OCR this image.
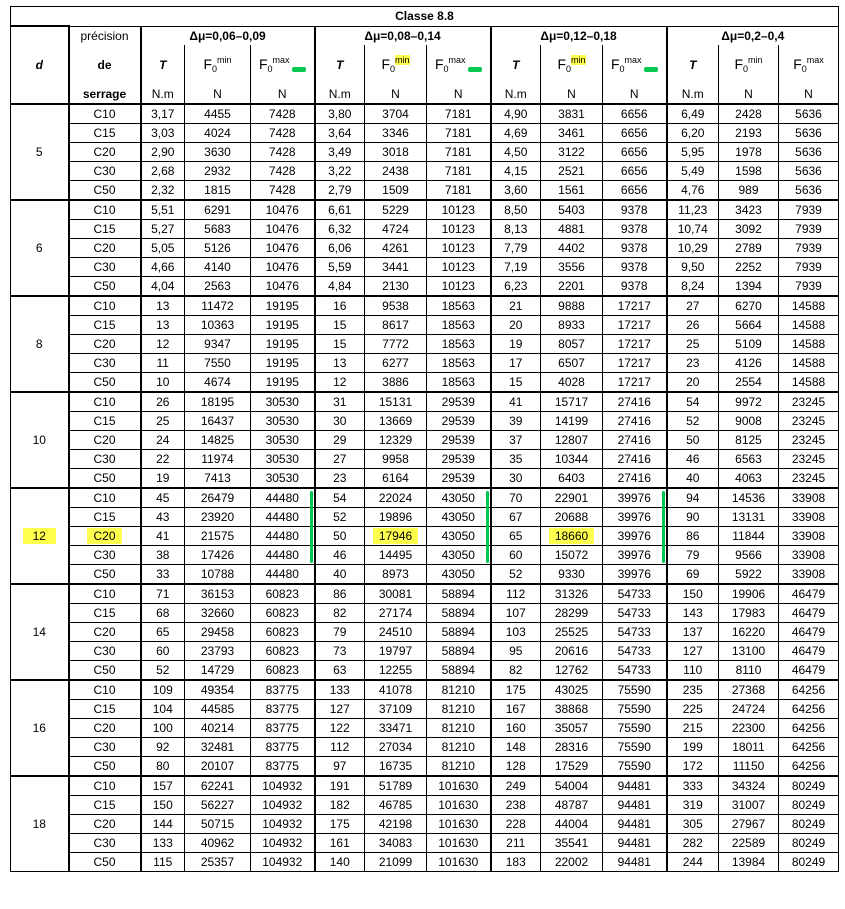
Classe 8.8													
d	précision	Δμ=0,06–0,09			Δμ=0,08–0,14			Δμ=0,12–0,18			Δμ=0,2–0,4		
	de	T	$F_0^{min}$	$F_0^{max}$	T	$F_0^{min}$	$F_0^{max}$	T	$F_0^{min}$	$F_0^{max}$	T	$F_0^{min}$	$F_0^{max}$
	serrage	N.m	N	N	N.m	N	N	N.m	N	N	N.m	N	N
5	C10	3,17	4455	7428	3,80	3704	7181	4,90	3831	6656	6,49	2428	5636
	C15	3,03	4024	7428	3,64	3346	7181	4,69	3461	6656	6,20	2193	5636
	C20	2,90	3630	7428	3,49	3018	7181	4,50	3122	6656	5,95	1978	5636
	C30	2,68	2932	7428	3,22	2438	7181	4,15	2521	6656	5,49	1598	5636
	C50	2,32	1815	7428	2,79	1509	7181	3,60	1561	6656	4,76	989	5636
6	C10	5,51	6291	10476	6,61	5229	10123	8,50	5403	9378	11,23	3423	7939
	C15	5,27	5683	10476	6,32	4724	10123	8,13	4881	9378	10,74	3092	7939
	C20	5,05	5126	10476	6,06	4261	10123	7,79	4402	9378	10,29	2789	7939
	C30	4,66	4140	10476	5,59	3441	10123	7,19	3556	9378	9,50	2252	7939
	C50	4,04	2563	10476	4,84	2130	10123	6,23	2201	9378	8,24	1394	7939
8	C10	13	11472	19195	16	9538	18563	21	9888	17217	27	6270	14588
	C15	13	10363	19195	15	8617	18563	20	8933	17217	26	5664	14588
	C20	12	9347	19195	15	7772	18563	19	8057	17217	25	5109	14588
	C30	11	7550	19195	13	6277	18563	17	6507	17217	23	4126	14588
	C50	10	4674	19195	12	3886	18563	15	4028	17217	20	2554	14588
10	C10	26	18195	30530	31	15131	29539	41	15717	27416	54	9972	23245
	C15	25	16437	30530	30	13669	29539	39	14199	27416	52	9008	23245
	C20	24	14825	30530	29	12329	29539	37	12807	27416	50	8125	23245
	C30	22	11974	30530	27	9958	29539	35	10344	27416	46	6563	23245
	C50	19	7413	30530	23	6164	29539	30	6403	27416	40	4063	23245
12	C10	45	26479	44480	54	22024	43050	70	22901	39976	94	14536	33908
	C15	43	23920	44480	52	19896	43050	67	20688	39976	90	13131	33908
	C20	41	21575	44480	50	17946	43050	65	18660	39976	86	11844	33908
	C30	38	17426	44480	46	14495	43050	60	15072	39976	79	9566	33908
	C50	33	10788	44480	40	8973	43050	52	9330	39976	69	5922	33908
14	C10	71	36153	60823	86	30081	58894	112	31326	54733	150	19906	46479
	C15	68	32660	60823	82	27174	58894	107	28299	54733	143	17983	46479
	C20	65	29458	60823	79	24510	58894	103	25525	54733	137	16220	46479
	C30	60	23793	60823	73	19797	58894	95	20616	54733	127	13100	46479
	C50	52	14729	60823	63	12255	58894	82	12762	54733	110	8110	46479
16	C10	109	49354	83775	133	41078	81210	175	43025	75590	235	27368	64256
	C15	104	44585	83775	127	37109	81210	167	38868	75590	225	24724	64256
	C20	100	40214	83775	122	33471	81210	160	35057	75590	215	22300	64256
	C30	92	32481	83775	112	27034	81210	148	28316	75590	199	18011	64256
	C50	80	20107	83775	97	16735	81210	128	17529	75590	172	11150	64256
18	C10	157	62241	104932	191	51789	101630	249	54004	94481	333	34324	80249
	C15	150	56227	104932	182	46785	101630	238	48787	94481	319	31007	80249
	C20	144	50715	104932	175	42198	101630	228	44004	94481	305	27967	80249
	C30	133	40962	104932	161	34083	101630	211	35541	94481	282	22589	80249
	C50	115	25357	104932	140	21099	101630	183	22002	94481	244	13984	80249
